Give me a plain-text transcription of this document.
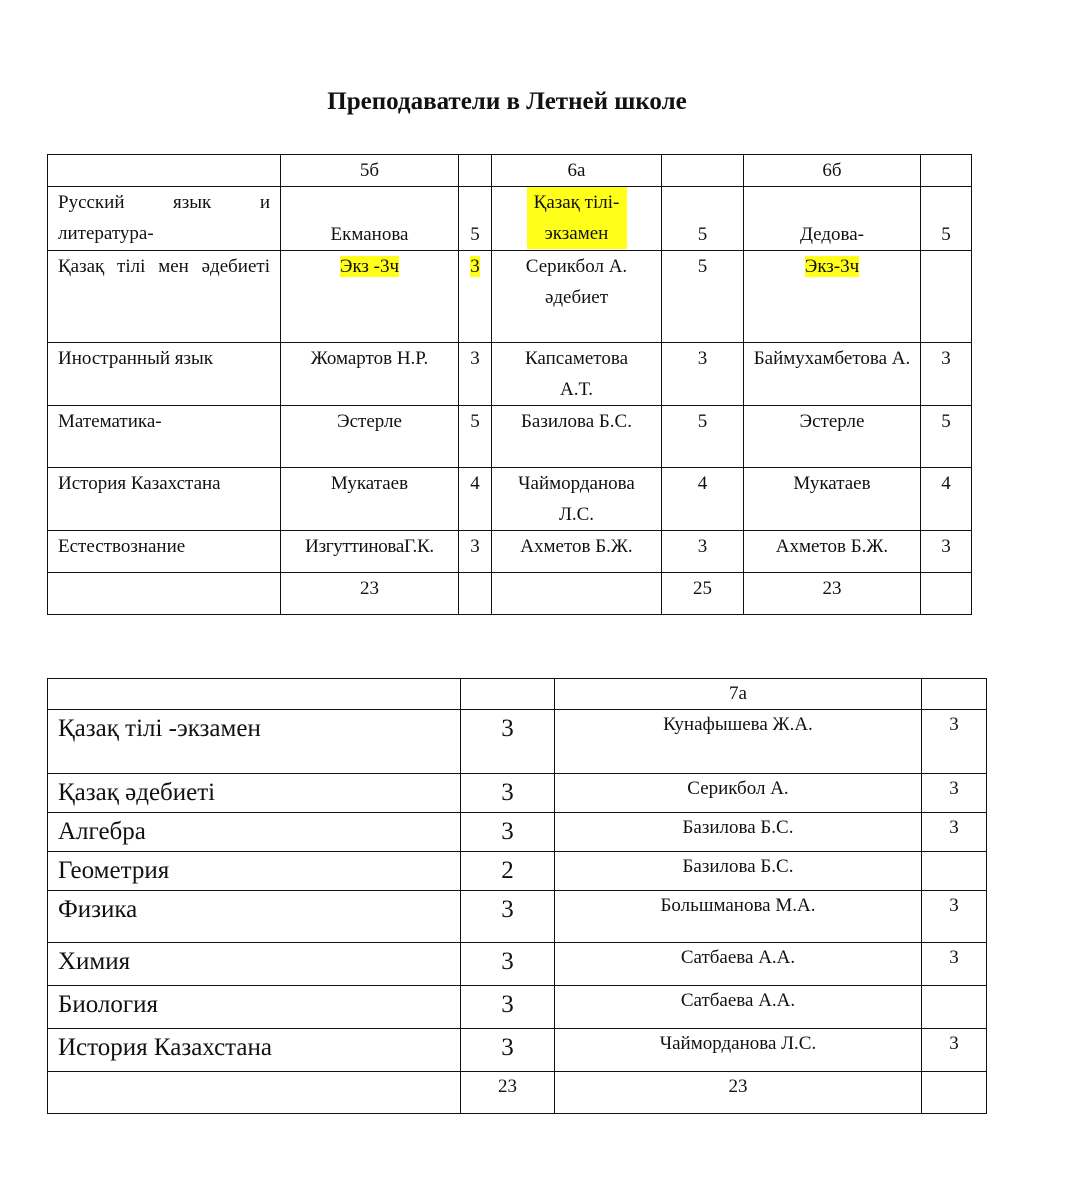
Преподаватели в Летней школе
	5б		6а		6б	
Русский язык и литература-	Екманова	5	Қазақ тілі-экзамен	5	Дедова-	5
Қазақ тілі мен әдебиеті	Экз -3ч	3	Серикбол А. әдебиет	5	Экз-3ч	
Иностранный язык	Жомартов Н.Р.	3	Капсаметова А.Т.	3	Баймухамбетова А.	3
Математика-	Эстерле	5	Базилова Б.С.	5	Эстерле	5
История Казахстана	Мукатаев	4	Чайморданова Л.С.	4	Мукатаев	4
Естествознание	ИзгуттиноваГ.К.	3	Ахметов Б.Ж.	3	Ахметов Б.Ж.	3
	23			25	23	
		7а	
Қазақ тілі -экзамен	3	Кунафышева Ж.А.	3
Қазақ әдебиеті	3	Серикбол А.	3
Алгебра	3	Базилова Б.С.	3
Геометрия	2	Базилова Б.С.	
Физика	3	Большманова М.А.	3
Химия	3	Сатбаева А.А.	3
Биология	3	Сатбаева А.А.	
История Казахстана	3	Чайморданова Л.С.	3
	23	23	
